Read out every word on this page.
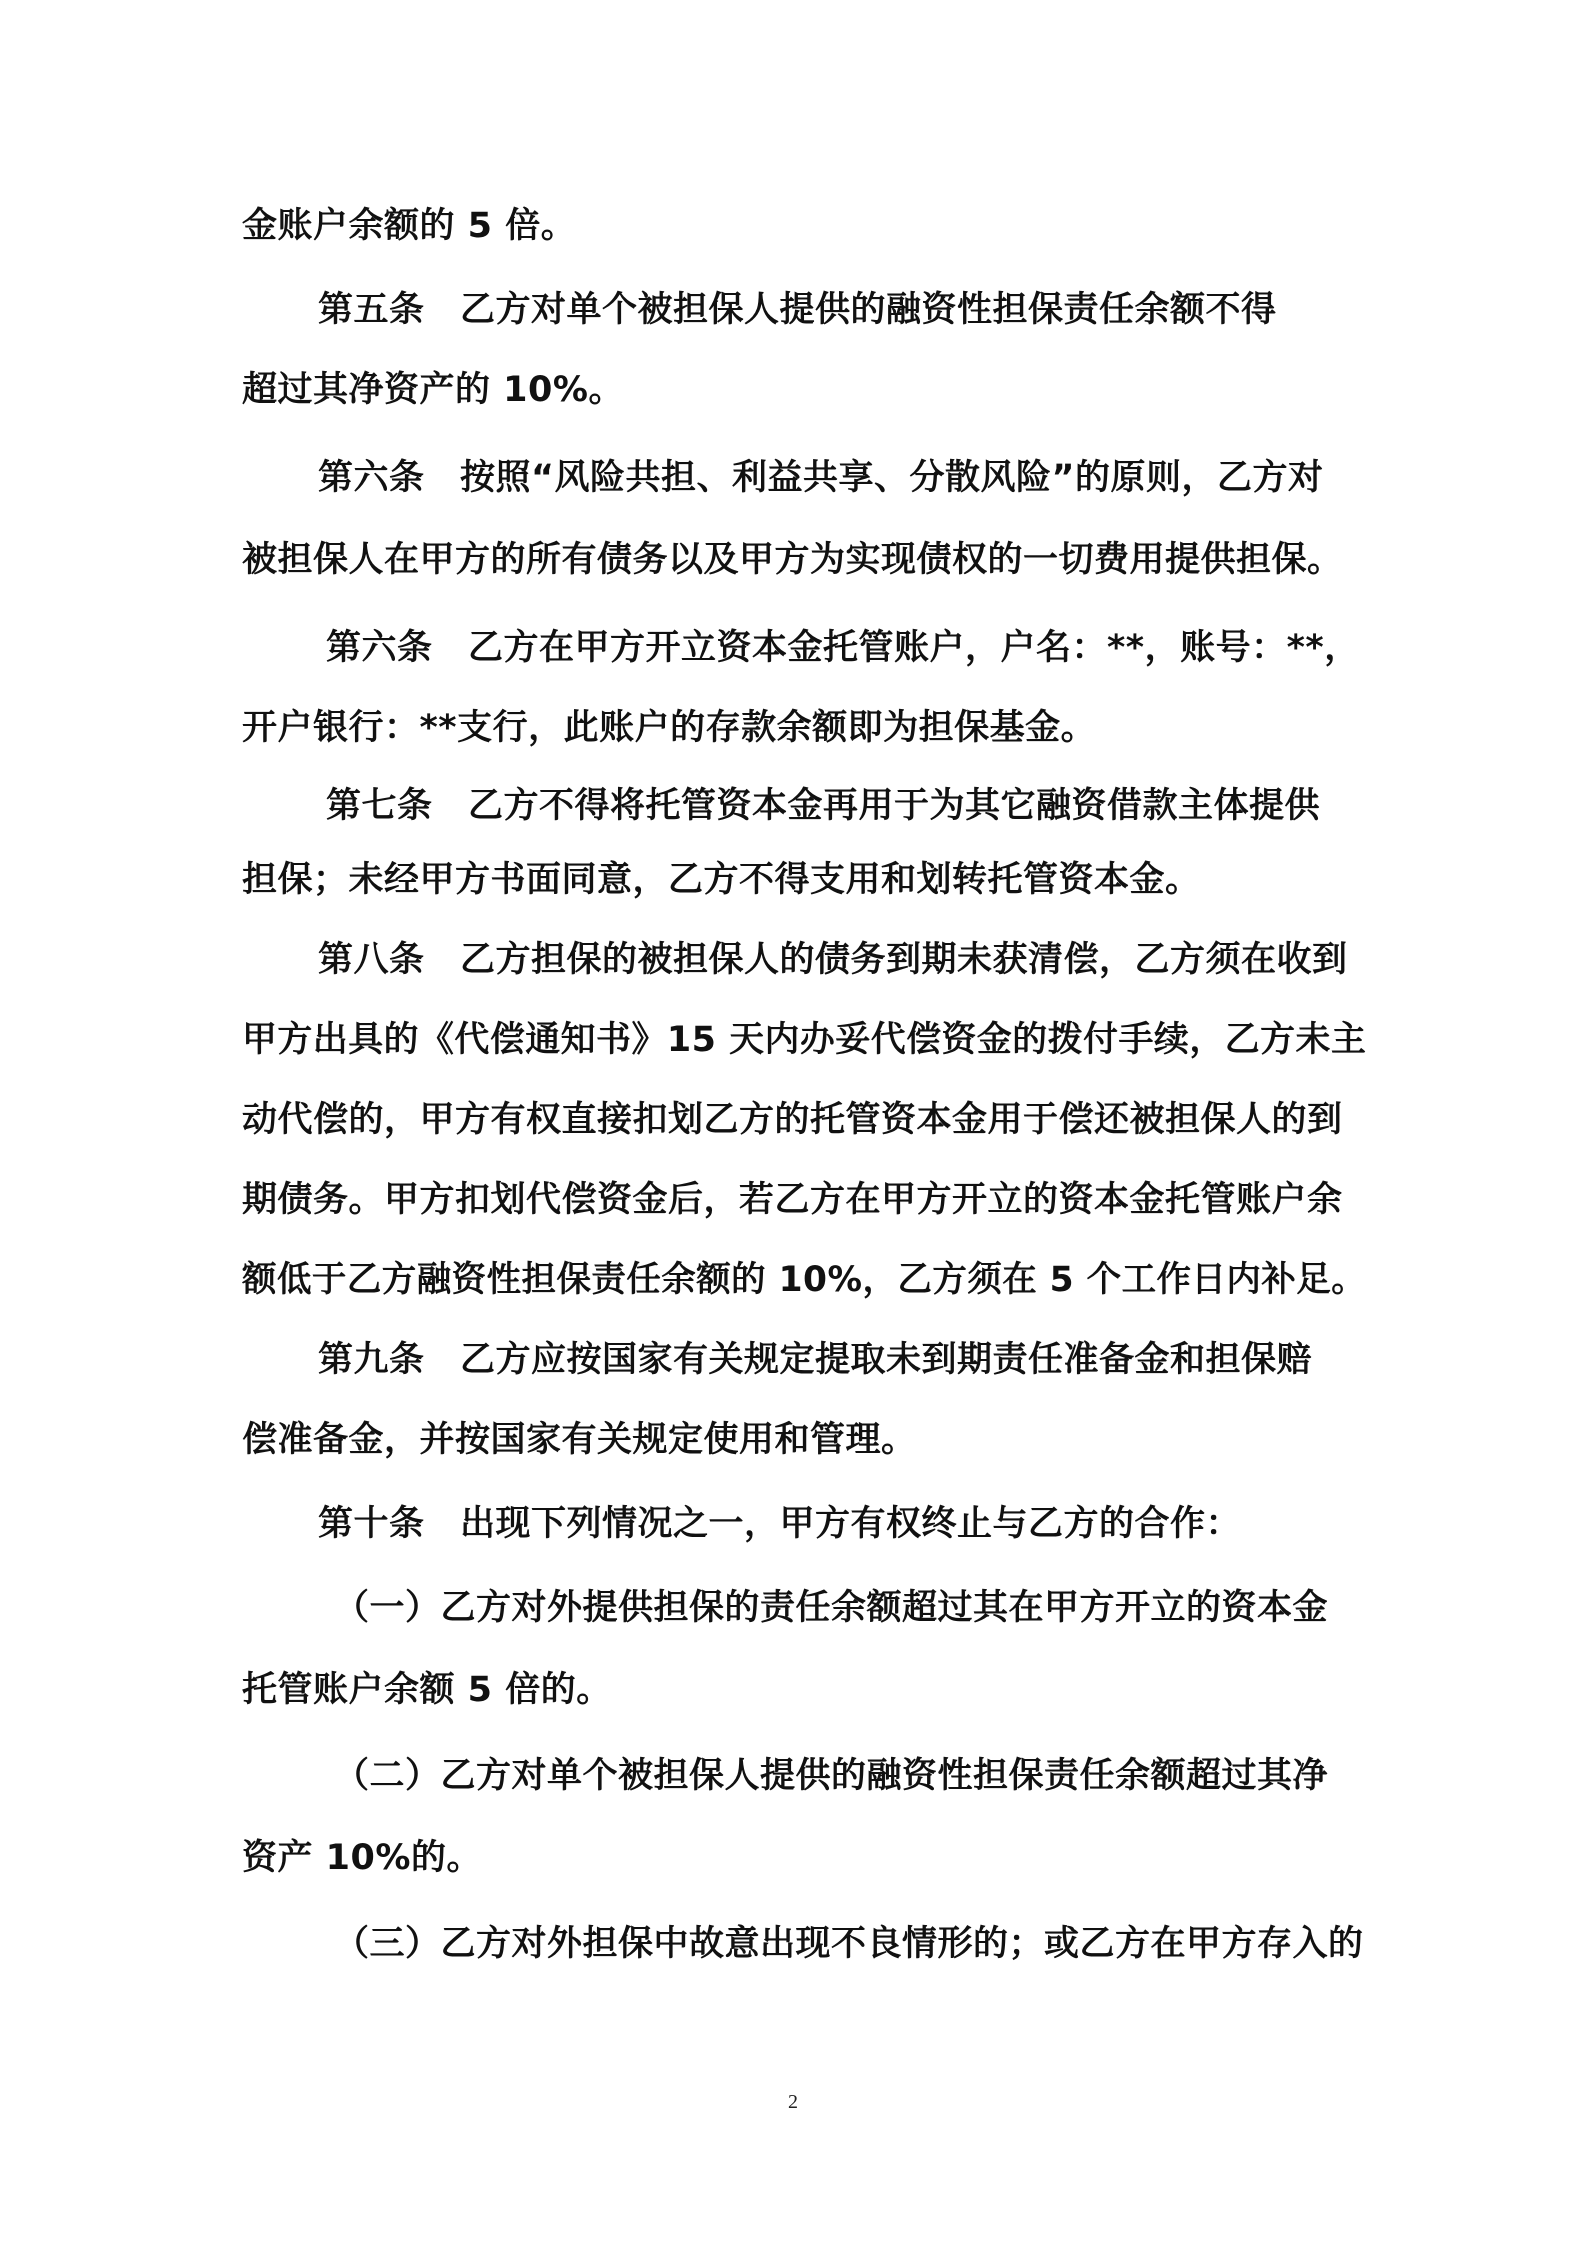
金账户余额的 5 倍。
第五条　乙方对单个被担保人提供的融资性担保责任余额不得
超过其净资产的 10%。
第六条　按照“风险共担、利益共享、分散风险”的原则，乙方对
被担保人在甲方的所有债务以及甲方为实现债权的一切费用提供担保。
第六条　乙方在甲方开立资本金托管账户，户名：**，账号：**，
开户银行：**支行，此账户的存款余额即为担保基金。
第七条　乙方不得将托管资本金再用于为其它融资借款主体提供
担保；未经甲方书面同意，乙方不得支用和划转托管资本金。
第八条　乙方担保的被担保人的债务到期未获清偿，乙方须在收到
甲方出具的《代偿通知书》15 天内办妥代偿资金的拨付手续，乙方未主
动代偿的，甲方有权直接扣划乙方的托管资本金用于偿还被担保人的到
期债务。甲方扣划代偿资金后，若乙方在甲方开立的资本金托管账户余
额低于乙方融资性担保责任余额的 10%，乙方须在 5 个工作日内补足。
第九条　乙方应按国家有关规定提取未到期责任准备金和担保赔
偿准备金，并按国家有关规定使用和管理。
第十条　出现下列情况之一，甲方有权终止与乙方的合作：
（一）乙方对外提供担保的责任余额超过其在甲方开立的资本金
托管账户余额 5 倍的。
（二）乙方对单个被担保人提供的融资性担保责任余额超过其净
资产 10%的。
（三）乙方对外担保中故意出现不良情形的；或乙方在甲方存入的
2
